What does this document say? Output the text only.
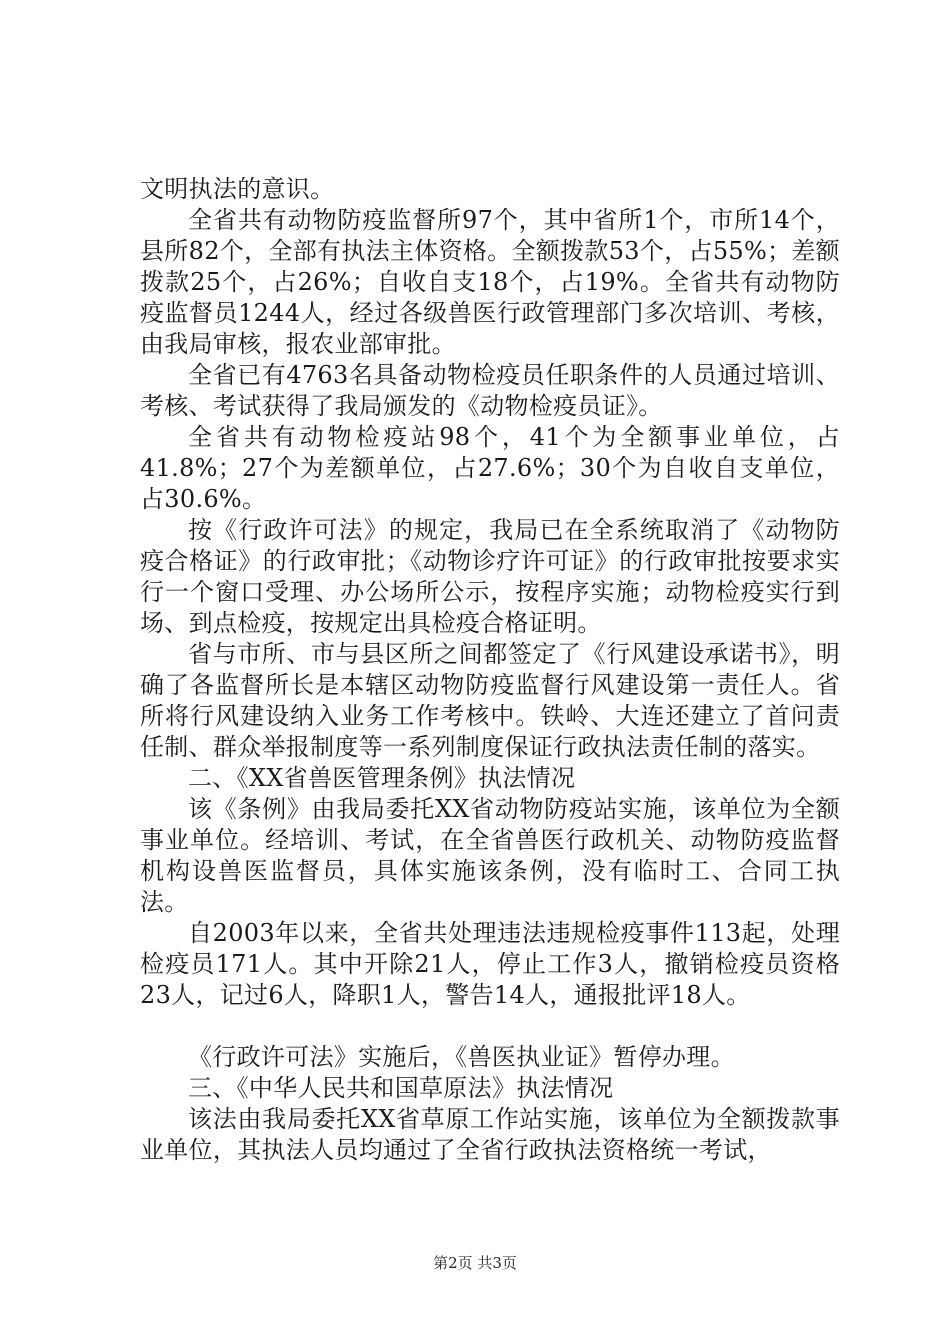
文明执法的意识。

全省共有动物防疫监督所97个，其中省所1个，市所14个，县所82个，全部有执法主体资格。全额拨款53个，占55%；差额拨款25个，占26%；自收自支18个，占19%。全省共有动物防疫监督员1244人，经过各级兽医行政管理部门多次培训、考核，由我局审核，报农业部审批。

全省已有4763名具备动物检疫员任职条件的人员通过培训、考核、考试获得了我局颁发的《动物检疫员证》。

全省共有动物检疫站98个，41个为全额事业单位，占41.8%；27个为差额单位，占27.6%；30个为自收自支单位，占30.6%。

按《行政许可法》的规定，我局已在全系统取消了《动物防疫合格证》的行政审批；《动物诊疗许可证》的行政审批按要求实行一个窗口受理、办公场所公示，按程序实施；动物检疫实行到场、到点检疫，按规定出具检疫合格证明。

省与市所、市与县区所之间都签定了《行风建设承诺书》，明确了各监督所长是本辖区动物防疫监督行风建设第一责任人。省所将行风建设纳入业务工作考核中。铁岭、大连还建立了首问责任制、群众举报制度等一系列制度保证行政执法责任制的落实。

二、《XX省兽医管理条例》执法情况

该《条例》由我局委托XX省动物防疫站实施，该单位为全额事业单位。经培训、考试，在全省兽医行政机关、动物防疫监督机构设兽医监督员，具体实施该条例，没有临时工、合同工执法。

自2003年以来，全省共处理违法违规检疫事件113起，处理检疫员171人。其中开除21人，停止工作3人，撤销检疫员资格23人，记过6人，降职1人，警告14人，通报批评18人。

《行政许可法》实施后，《兽医执业证》暂停办理。

三、《中华人民共和国草原法》执法情况

该法由我局委托XX省草原工作站实施，该单位为全额拨款事业单位，其执法人员均通过了全省行政执法资格统一考试，

第2页 共3页
